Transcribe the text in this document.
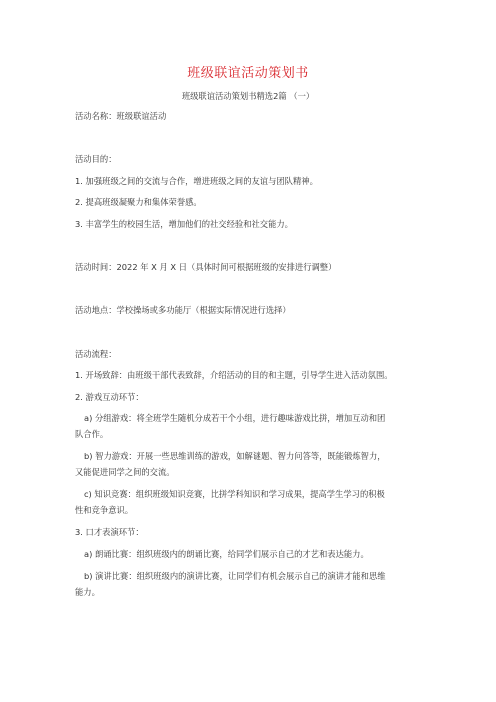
班级联谊活动策划书
班级联谊活动策划书精选2篇 （一）
活动名称：班级联谊活动
活动目的：
1. 加强班级之间的交流与合作，增进班级之间的友谊与团队精神。
2. 提高班级凝聚力和集体荣誉感。
3. 丰富学生的校园生活，增加他们的社交经验和社交能力。
活动时间：2022 年 X 月 X 日（具体时间可根据班级的安排进行调整）
活动地点：学校操场或多功能厅（根据实际情况进行选择）
活动流程：
1. 开场致辞：由班级干部代表致辞，介绍活动的目的和主题，引导学生进入活动氛围。
2. 游戏互动环节：
a) 分组游戏：将全班学生随机分成若干个小组，进行趣味游戏比拼，增加互动和团
队合作。
b) 智力游戏：开展一些思维训练的游戏，如解谜题、智力问答等，既能锻炼智力，
又能促进同学之间的交流。
c) 知识竞赛：组织班级知识竞赛，比拼学科知识和学习成果，提高学生学习的积极
性和竞争意识。
3. 口才表演环节：
a) 朗诵比赛：组织班级内的朗诵比赛，给同学们展示自己的才艺和表达能力。
b) 演讲比赛：组织班级内的演讲比赛，让同学们有机会展示自己的演讲才能和思维
能力。
